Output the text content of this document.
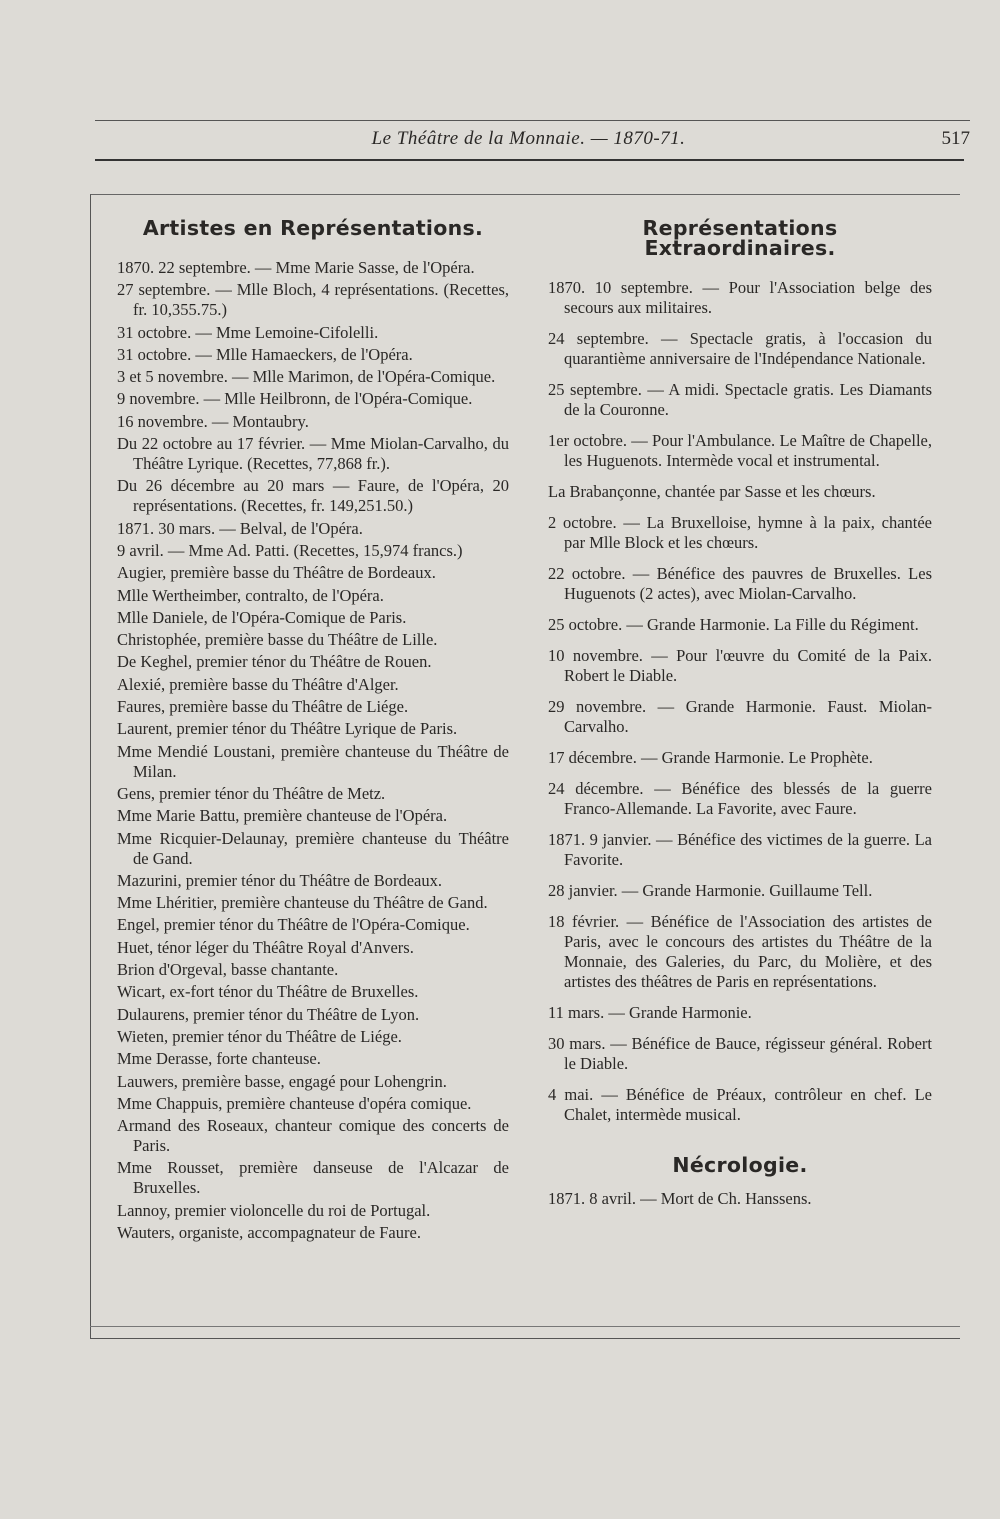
Le Théâtre de la Monnaie. — 1870-71.	517
Artistes en Représentations.
1870. 22 septembre. — Mme Marie Sasse, de l'Opéra.
27 septembre. — Mlle Bloch, 4 représentations. (Recettes, fr. 10,355.75.)
31 octobre. — Mme Lemoine-Cifolelli.
31 octobre. — Mlle Hamaeckers, de l'Opéra.
3 et 5 novembre. — Mlle Marimon, de l'Opéra-Comique.
9 novembre. — Mlle Heilbronn, de l'Opéra-Comique.
16 novembre. — Montaubry.
Du 22 octobre au 17 février. — Mme Miolan-Carvalho, du Théâtre Lyrique. (Recettes, 77,868 fr.).
Du 26 décembre au 20 mars — Faure, de l'Opéra, 20 représentations. (Recettes, fr. 149,251.50.)
1871. 30 mars. — Belval, de l'Opéra.
9 avril. — Mme Ad. Patti. (Recettes, 15,974 francs.)
Augier, première basse du Théâtre de Bordeaux.
Mlle Wertheimber, contralto, de l'Opéra.
Mlle Daniele, de l'Opéra-Comique de Paris.
Christophée, première basse du Théâtre de Lille.
De Keghel, premier ténor du Théâtre de Rouen.
Alexié, première basse du Théâtre d'Alger.
Faures, première basse du Théâtre de Liége.
Laurent, premier ténor du Théâtre Lyrique de Paris.
Mme Mendié Loustani, première chanteuse du Théâtre de Milan.
Gens, premier ténor du Théâtre de Metz.
Mme Marie Battu, première chanteuse de l'Opéra.
Mme Ricquier-Delaunay, première chanteuse du Théâtre de Gand.
Mazurini, premier ténor du Théâtre de Bordeaux.
Mme Lhéritier, première chanteuse du Théâtre de Gand.
Engel, premier ténor du Théâtre de l'Opéra-Comique.
Huet, ténor léger du Théâtre Royal d'Anvers.
Brion d'Orgeval, basse chantante.
Wicart, ex-fort ténor du Théâtre de Bruxelles.
Dulaurens, premier ténor du Théâtre de Lyon.
Wieten, premier ténor du Théâtre de Liége.
Mme Derasse, forte chanteuse.
Lauwers, première basse, engagé pour Lohengrin.
Mme Chappuis, première chanteuse d'opéra comique.
Armand des Roseaux, chanteur comique des concerts de Paris.
Mme Rousset, première danseuse de l'Alcazar de Bruxelles.
Lannoy, premier violoncelle du roi de Portugal.
Wauters, organiste, accompagnateur de Faure.
Représentations Extraordinaires.
1870. 10 septembre. — Pour l'Association belge des secours aux militaires.
24 septembre. — Spectacle gratis, à l'occasion du quarantième anniversaire de l'Indépendance Nationale.
25 septembre. — A midi. Spectacle gratis. Les Diamants de la Couronne.
1er octobre. — Pour l'Ambulance. Le Maître de Chapelle, les Huguenots. Intermède vocal et instrumental.
La Brabançonne, chantée par Sasse et les chœurs.
2 octobre. — La Bruxelloise, hymne à la paix, chantée par Mlle Block et les chœurs.
22 octobre. — Bénéfice des pauvres de Bruxelles. Les Huguenots (2 actes), avec Miolan-Carvalho.
25 octobre. — Grande Harmonie. La Fille du Régiment.
10 novembre. — Pour l'œuvre du Comité de la Paix. Robert le Diable.
29 novembre. — Grande Harmonie. Faust. Miolan-Carvalho.
17 décembre. — Grande Harmonie. Le Prophète.
24 décembre. — Bénéfice des blessés de la guerre Franco-Allemande. La Favorite, avec Faure.
1871. 9 janvier. — Bénéfice des victimes de la guerre. La Favorite.
28 janvier. — Grande Harmonie. Guillaume Tell.
18 février. — Bénéfice de l'Association des artistes de Paris, avec le concours des artistes du Théâtre de la Monnaie, des Galeries, du Parc, du Molière, et des artistes des théâtres de Paris en représentations.
11 mars. — Grande Harmonie.
30 mars. — Bénéfice de Bauce, régisseur général. Robert le Diable.
4 mai. — Bénéfice de Préaux, contrôleur en chef. Le Chalet, intermède musical.
Nécrologie.
1871. 8 avril. — Mort de Ch. Hanssens.
